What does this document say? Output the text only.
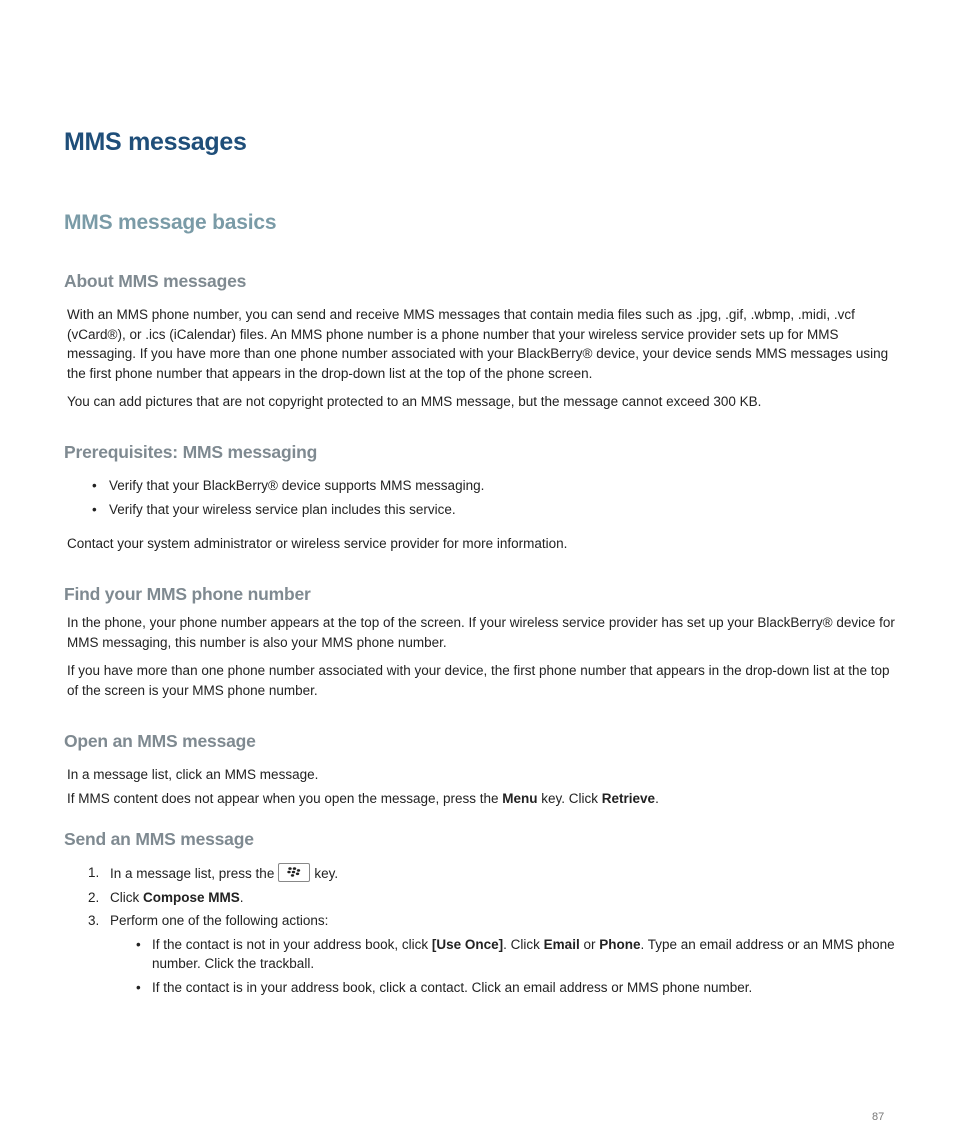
MMS messages
MMS message basics
About MMS messages

With an MMS phone number, you can send and receive MMS messages that contain media files such as .jpg, .gif, .wbmp, .midi, .vcf (vCard®), or .ics (iCalendar) files. An MMS phone number is a phone number that your wireless service provider sets up for MMS messaging. If you have more than one phone number associated with your BlackBerry® device, your device sends MMS messages using the first phone number that appears in the drop-down list at the top of the phone screen.

You can add pictures that are not copyright protected to an MMS message, but the message cannot exceed 300 KB.

Prerequisites: MMS messaging
• Verify that your BlackBerry® device supports MMS messaging.
• Verify that your wireless service plan includes this service.

Contact your system administrator or wireless service provider for more information.

Find your MMS phone number

In the phone, your phone number appears at the top of the screen. If your wireless service provider has set up your BlackBerry® device for MMS messaging, this number is also your MMS phone number.

If you have more than one phone number associated with your device, the first phone number that appears in the drop-down list at the top of the screen is your MMS phone number.

Open an MMS message

In a message list, click an MMS message.

If MMS content does not appear when you open the message, press the Menu key. Click Retrieve.

Send an MMS message
1. In a message list, press the	key.
2. Click Compose MMS.
3. Perform one of the following actions:
• If the contact is not in your address book, click [Use Once]. Click Email or Phone. Type an email address or an MMS phone number. Click the trackball.
• If the contact is in your address book, click a contact. Click an email address or MMS phone number.
87
